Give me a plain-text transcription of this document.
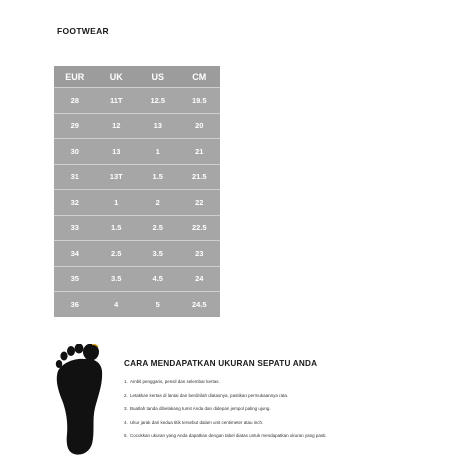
FOOTWEAR
EUR	UK	US	CM
28	11T	12.5	19.5
29	12	13	20
30	13	1	21
31	13T	1.5	21.5
32	1	2	22
33	1.5	2.5	22.5
34	2.5	3.5	23
35	3.5	4.5	24
36	4	5	24.5
CARA MENDAPATKAN UKURAN SEPATU ANDA
1. Ambil penggaris, pensil dan selembar kertas.
2. Letakkan kertas di lantai dan berdirilah diatasnya, pastikan permukaannya rata.
3. Buatlah tanda dibelakang tumit Anda dan didepan jempol paling ujung.
4. Ukur jarak dari kedua titik tersebut dalam unit centimeter atau inch.
5. Cocokkan ukuran yang Anda dapatkan dengan tabel diatas untuk mendapatkan ukuran yang pasti.
